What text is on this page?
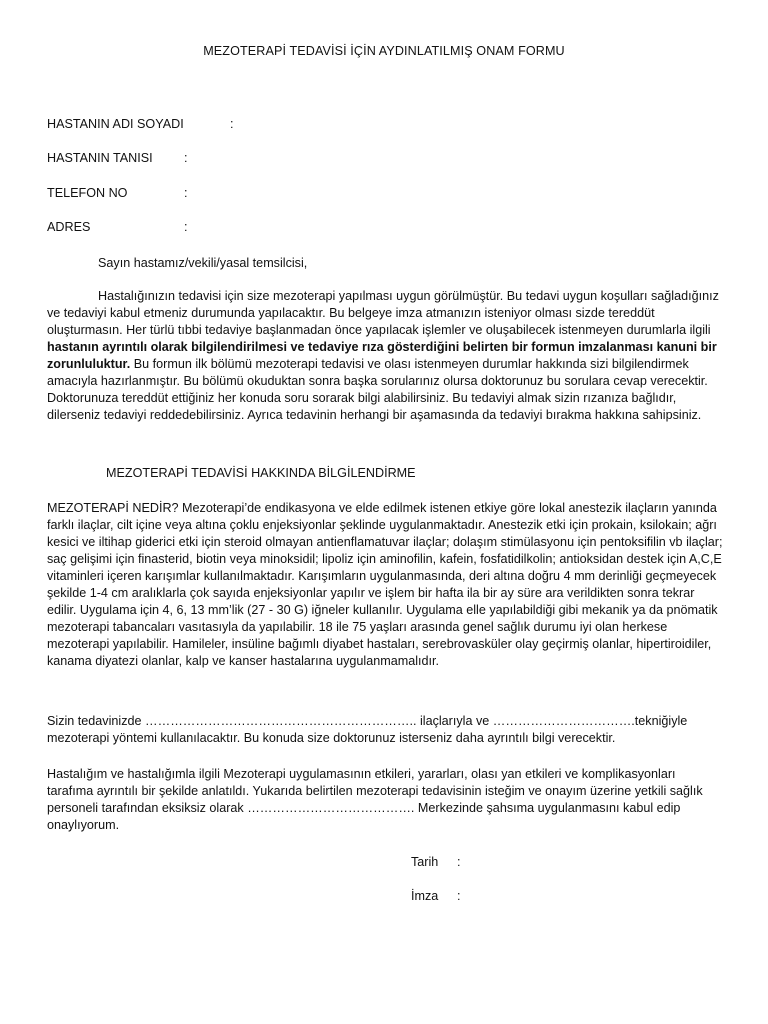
MEZOTERAPİ TEDAVİSİ İÇİN AYDINLATILMIŞ ONAM FORMU
HASTANIN ADI SOYADI	:
HASTANIN TANISI :
TELEFON NO	:
ADRES	:
Sayın hastamız/vekili/yasal temsilcisi,
Hastalığınızın tedavisi için size mezoterapi yapılması uygun görülmüştür. Bu tedavi uygun koşulları sağladığınız ve tedaviyi kabul etmeniz durumunda yapılacaktır. Bu belgeye imza atmanızın isteniyor olması sizde tereddüt oluşturmasın. Her türlü tıbbi tedaviye başlanmadan önce yapılacak işlemler ve oluşabilecek istenmeyen durumlarla ilgili hastanın ayrıntılı olarak bilgilendirilmesi ve tedaviye rıza gösterdiğini belirten bir formun imzalanması kanuni bir zorunluluktur. Bu formun ilk bölümü mezoterapi tedavisi ve olası istenmeyen durumlar hakkında sizi bilgilendirmek amacıyla hazırlanmıştır. Bu bölümü okuduktan sonra başka sorularınız olursa doktorunuz bu sorulara cevap verecektir. Doktorunuza tereddüt ettiğiniz her konuda soru sorarak bilgi alabilirsiniz. Bu tedaviyi almak sizin rızanıza bağlıdır, dilerseniz tedaviyi reddedebilirsiniz. Ayrıca tedavinin herhangi bir aşamasında da tedaviyi bırakma hakkına sahipsiniz.
MEZOTERAPİ TEDAVİSİ HAKKINDA BİLGİLENDİRME
MEZOTERAPİ NEDİR? Mezoterapi’de endikasyona ve elde edilmek istenen etkiye göre lokal anestezik ilaçların yanında farklı ilaçlar, cilt içine veya altına çoklu enjeksiyonlar şeklinde uygulanmaktadır. Anestezik etki için prokain, ksilokain; ağrı kesici ve iltihap giderici etki için steroid olmayan antienflamatuvar ilaçlar; dolaşım stimülasyonu için pentoksifilin vb ilaçlar; saç gelişimi için finasterid, biotin veya minoksidil; lipoliz için aminofilin, kafein, fosfatidilkolin; antioksidan destek için A,C,E vitaminleri içeren karışımlar kullanılmaktadır. Karışımların uygulanmasında, deri altına doğru 4 mm derinliği geçmeyecek şekilde 1-4 cm aralıklarla çok sayıda enjeksiyonlar yapılır ve işlem bir hafta ila bir ay süre ara verildikten sonra tekrar edilir. Uygulama için 4, 6, 13 mm’lik (27 - 30 G) iğneler kullanılır. Uygulama elle yapılabildiği gibi mekanik ya da pnömatik mezoterapi tabancaları vasıtasıyla da yapılabilir. 18 ile 75 yaşları arasında genel sağlık durumu iyi olan herkese mezoterapi yapılabilir. Hamileler, insüline bağımlı diyabet hastaları, serebrovasküler olay geçirmiş olanlar, hipertiroidiler, kanama diyatezi olanlar, kalp ve kanser hastalarına uygulanmamalıdır.
Sizin tedavinizde ……………………………………………………….. ilaçlarıyla ve …………………………….tekniğiyle mezoterapi yöntemi kullanılacaktır. Bu konuda size doktorunuz isterseniz daha ayrıntılı bilgi verecektir.
Hastalığım ve hastalığımla ilgili Mezoterapi uygulamasının etkileri, yararları, olası yan etkileri ve komplikasyonları tarafıma ayrıntılı bir şekilde anlatıldı. Yukarıda belirtilen mezoterapi tedavisinin isteğim ve onayım üzerine yetkili sağlık personeli tarafından eksiksiz olarak …………………………………. Merkezinde şahsıma uygulanmasını kabul edip onaylıyorum.
Tarih :
İmza :
